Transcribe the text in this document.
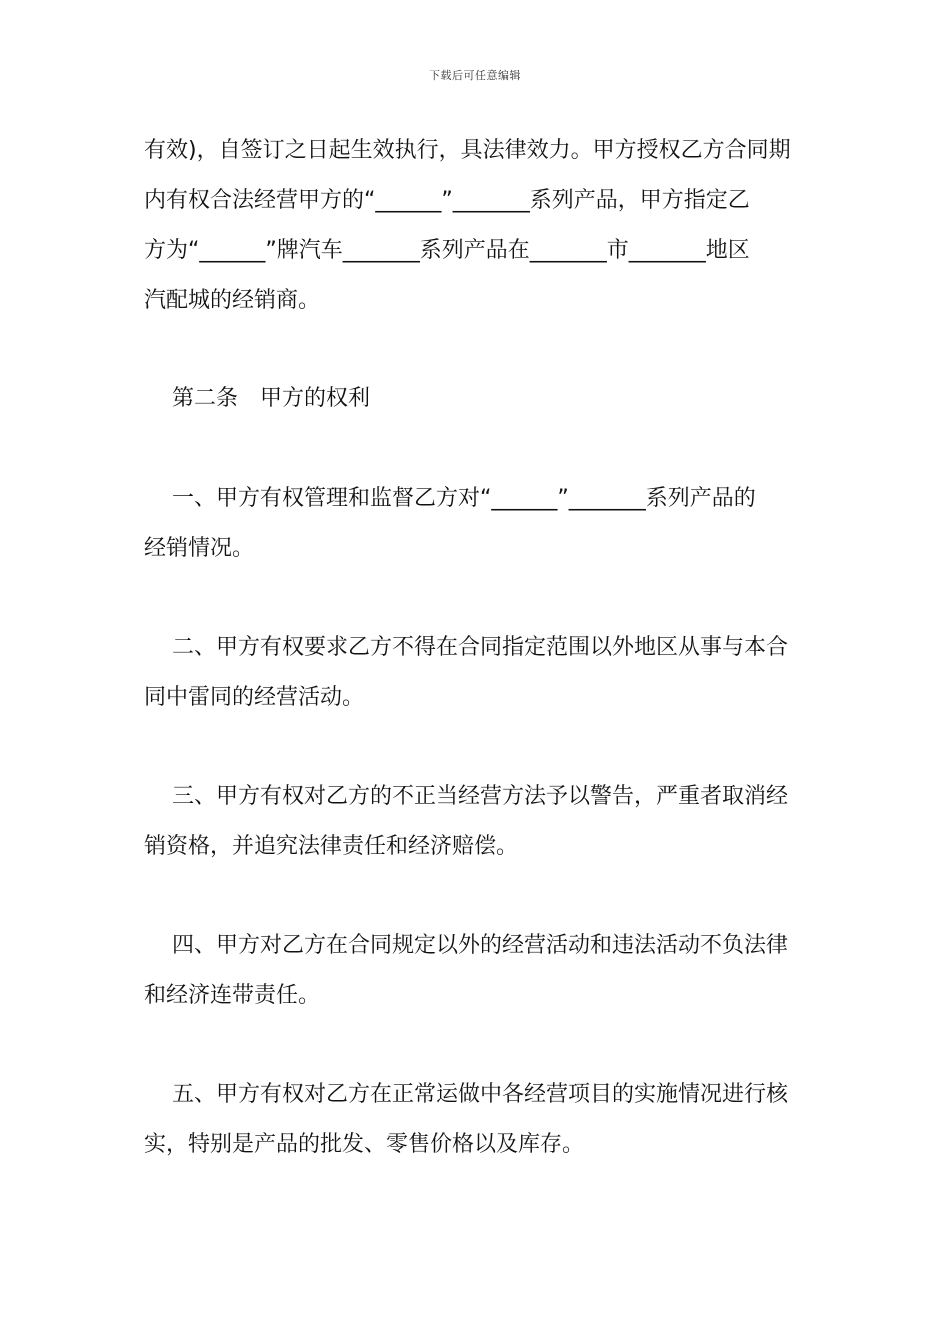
下载后可任意编辑
有效)，自签订之日起生效执行，具法律效力。甲方授权乙方合同期
内有权合法经营甲方的“______”_______系列产品，甲方指定乙
方为“______”牌汽车_______系列产品在_______市_______地区
汽配城的经销商。
第二条　甲方的权利
一、甲方有权管理和监督乙方对“______”_______系列产品的
经销情况。
二、甲方有权要求乙方不得在合同指定范围以外地区从事与本合
同中雷同的经营活动。
三、甲方有权对乙方的不正当经营方法予以警告，严重者取消经
销资格，并追究法律责任和经济赔偿。
四、甲方对乙方在合同规定以外的经营活动和违法活动不负法律
和经济连带责任。
五、甲方有权对乙方在正常运做中各经营项目的实施情况进行核
实，特别是产品的批发、零售价格以及库存。
